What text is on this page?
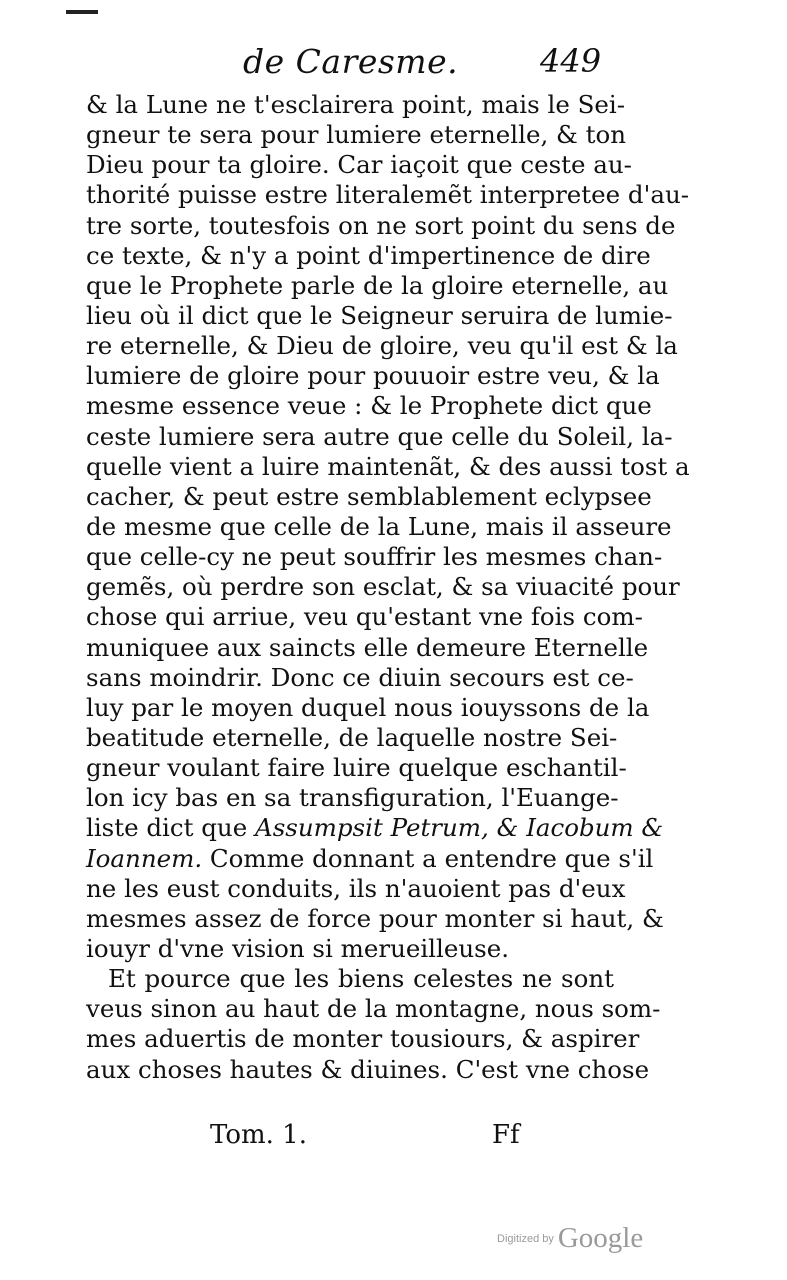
de Caresme.	449
& la Lune ne t'esclairera point, mais le Sei-
gneur te sera pour lumiere eternelle, & ton
Dieu pour ta gloire. Car iaçoit que ceste au-
thorité puisse estre literalemẽt interpretee d'au-
tre sorte, toutesfois on ne sort point du sens de
ce texte, & n'y a point d'impertinence de dire
que le Prophete parle de la gloire eternelle, au
lieu où il dict que le Seigneur seruira de lumie-
re eternelle, & Dieu de gloire, veu qu'il est & la
lumiere de gloire pour pouuoir estre veu, & la
mesme essence veue : & le Prophete dict que
ceste lumiere sera autre que celle du Soleil, la-
quelle vient a luire maintenãt, & des aussi tost a
cacher, & peut estre semblablement eclypsee
de mesme que celle de la Lune, mais il asseure
que celle-cy ne peut souffrir les mesmes chan-
gemẽs, où perdre son esclat, & sa viuacité pour
chose qui arriue, veu qu'estant vne fois com-
muniquee aux saincts elle demeure Eternelle
sans moindrir. Donc ce diuin secours est ce-
luy par le moyen duquel nous iouyssons de la
beatitude eternelle, de laquelle nostre Sei-
gneur voulant faire luire quelque eschantil-
lon icy bas en sa transfiguration, l'Euange-
liste dict que Assumpsit Petrum, & Iacobum &
Ioannem. Comme donnant a entendre que s'il
ne les eust conduits, ils n'auoient pas d'eux
mesmes assez de force pour monter si haut, &
iouyr d'vne vision si merueilleuse.
Et pource que les biens celestes ne sont
veus sinon au haut de la montagne, nous som-
mes aduertis de monter tousiours, & aspirer
aux choses hautes & diuines. C'est vne chose
Tom. 1.	Ff
Digitized by Google
